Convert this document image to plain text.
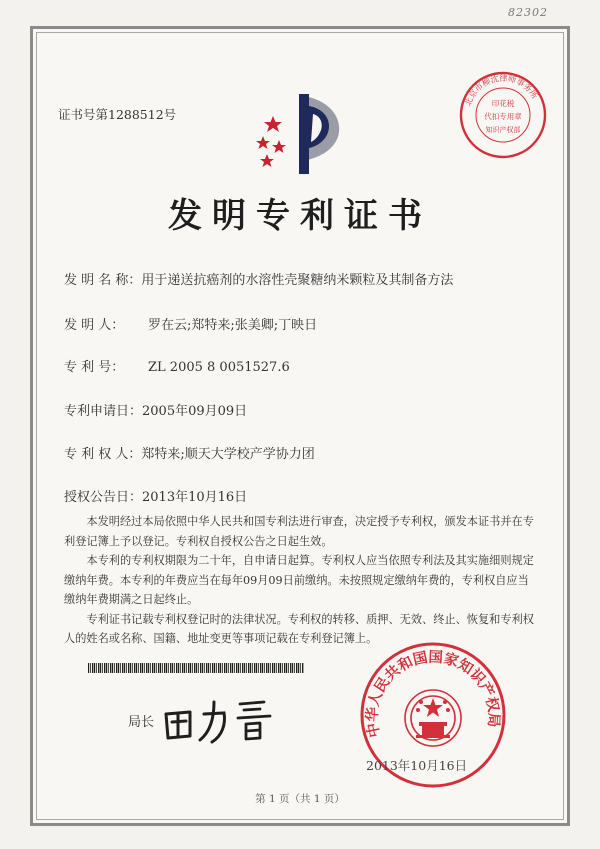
82302
证书号第1288512号
北京市柳沈律师事务所
印花税
代扣专用章
知识产权部
发明专利证书
发 明 名 称：用于递送抗癌剂的水溶性壳聚糖纳米颗粒及其制备方法
发 明 人： 罗在云;郑特来;张美卿;丁映日
专 利 号： ZL 2005 8 0051527.6
专利申请日：2005年09月09日
专 利 权 人：郑特来;顺天大学校产学协力团
授权公告日：2013年10月16日

本发明经过本局依照中华人民共和国专利法进行审查，决定授予专利权，颁发本证书并在专利登记簿上予以登记。专利权自授权公告之日起生效。

本专利的专利权期限为二十年，自申请日起算。专利权人应当依照专利法及其实施细则规定缴纳年费。本专利的年费应当在每年09月09日前缴纳。未按照规定缴纳年费的，专利权自应当缴纳年费期满之日起终止。

专利证书记载专利权登记时的法律状况。专利权的转移、质押、无效、终止、恢复和专利权人的姓名或名称、国籍、地址变更等事项记载在专利登记簿上。

局长	中华人民共和国国家知识产权局
2013年10月16日
第 1 页（共 1 页）
